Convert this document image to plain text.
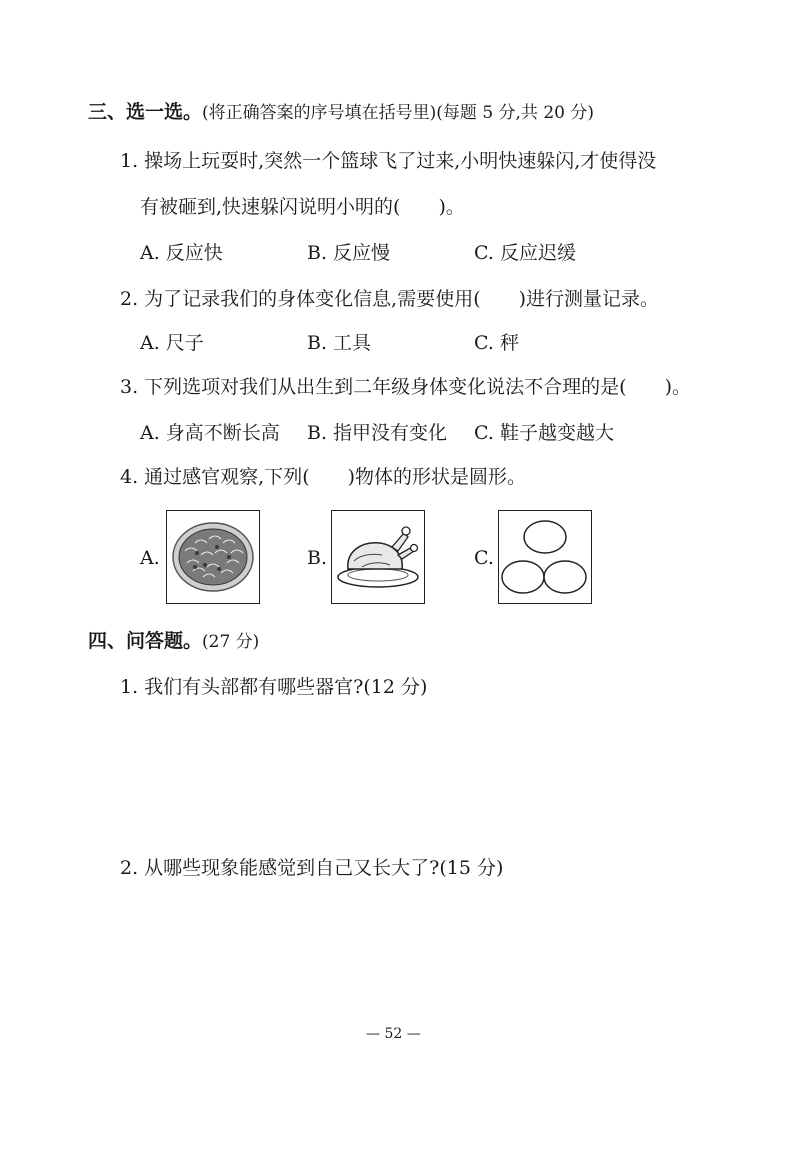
三、选一选。(将正确答案的序号填在括号里)(每题 5 分,共 20 分)
1. 操场上玩耍时,突然一个篮球飞了过来,小明快速躲闪,才使得没
有被砸到,快速躲闪说明小明的(　　)。
A. 反应快	B. 反应慢	C. 反应迟缓
2. 为了记录我们的身体变化信息,需要使用(　　)进行测量记录。
A. 尺子	B. 工具	C. 秤
3. 下列选项对我们从出生到二年级身体变化说法不合理的是(　　)。
A. 身高不断长高 B. 指甲没有变化 C. 鞋子越变越大
4. 通过感官观察,下列(　　)物体的形状是圆形。
A.	B.	C.
四、问答题。(27 分)
1. 我们有头部都有哪些器官?(12 分)
2. 从哪些现象能感觉到自己又长大了?(15 分)
— 52 —
